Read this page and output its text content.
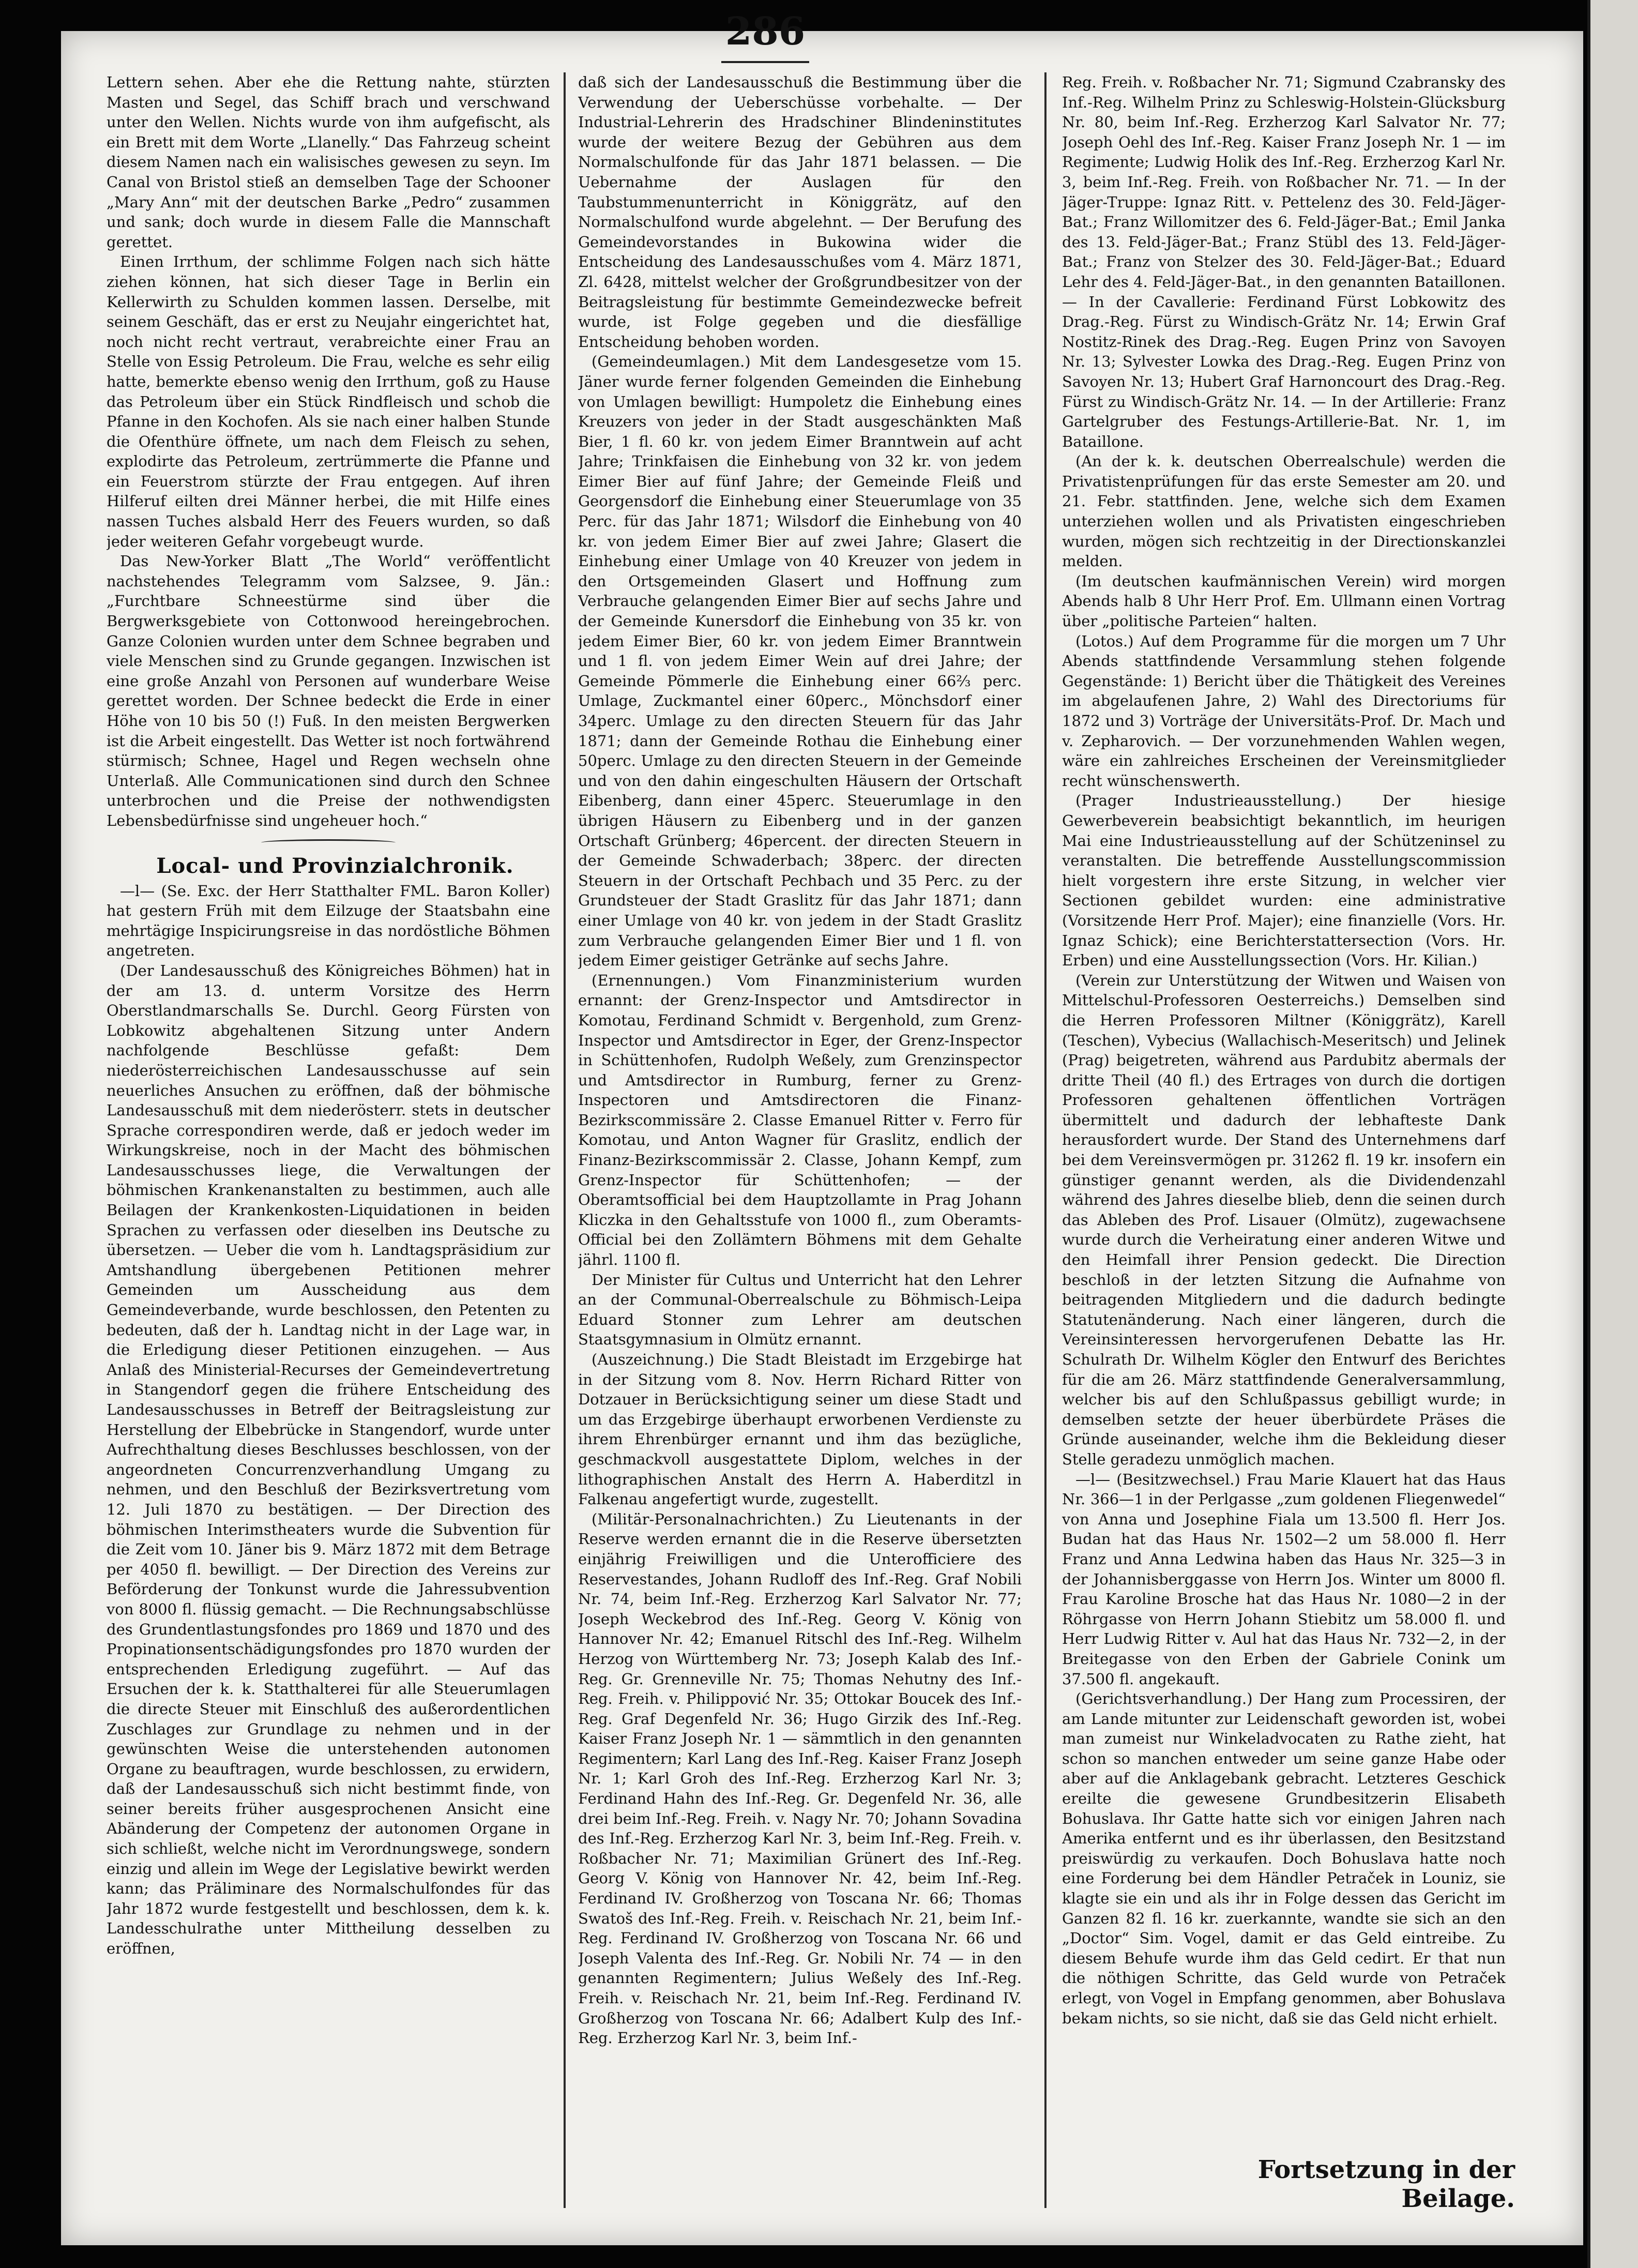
286

Lettern sehen. Aber ehe die Rettung nahte, stürzten Masten und Segel, das Schiff brach und verschwand unter den Wellen. Nichts wurde von ihm aufgefischt, als ein Brett mit dem Worte „Llanelly.“ Das Fahrzeug scheint diesem Namen nach ein walisisches gewesen zu seyn. Im Canal von Bristol stieß an demselben Tage der Schooner „Mary Ann“ mit der deutschen Barke „Pedro“ zusammen und sank; doch wurde in diesem Falle die Mannschaft gerettet.

Einen Irrthum, der schlimme Folgen nach sich hätte ziehen können, hat sich dieser Tage in Berlin ein Kellerwirth zu Schulden kommen lassen. Derselbe, mit seinem Geschäft, das er erst zu Neujahr eingerichtet hat, noch nicht recht vertraut, verabreichte einer Frau an Stelle von Essig Petroleum. Die Frau, welche es sehr eilig hatte, bemerkte ebenso wenig den Irrthum, goß zu Hause das Petroleum über ein Stück Rindfleisch und schob die Pfanne in den Kochofen. Als sie nach einer halben Stunde die Ofenthüre öffnete, um nach dem Fleisch zu sehen, explodirte das Petroleum, zertrümmerte die Pfanne und ein Feuerstrom stürzte der Frau entgegen. Auf ihren Hilferuf eilten drei Männer herbei, die mit Hilfe eines nassen Tuches alsbald Herr des Feuers wurden, so daß jeder weiteren Gefahr vorgebeugt wurde.

Das New-Yorker Blatt „The World“ veröffentlicht nachstehendes Telegramm vom Salzsee, 9. Jän.: „Furchtbare Schneestürme sind über die Bergwerksgebiete von Cottonwood hereingebrochen. Ganze Colonien wurden unter dem Schnee begraben und viele Menschen sind zu Grunde gegangen. Inzwischen ist eine große Anzahl von Personen auf wunderbare Weise gerettet worden. Der Schnee bedeckt die Erde in einer Höhe von 10 bis 50 (!) Fuß. In den meisten Bergwerken ist die Arbeit eingestellt. Das Wetter ist noch fortwährend stürmisch; Schnee, Hagel und Regen wechseln ohne Unterlaß. Alle Communicationen sind durch den Schnee unterbrochen und die Preise der nothwendigsten Lebensbedürfnisse sind ungeheuer hoch.“

Local- und Provinzialchronik.

—l— (Se. Exc. der Herr Statthalter FML. Baron Koller) hat gestern Früh mit dem Eilzuge der Staatsbahn eine mehrtägige Inspicirungsreise in das nordöstliche Böhmen angetreten.

(Der Landesausschuß des Königreiches Böhmen) hat in der am 13. d. unterm Vorsitze des Herrn Oberstlandmarschalls Se. Durchl. Georg Fürsten von Lobkowitz abgehaltenen Sitzung unter Andern nachfolgende Beschlüsse gefaßt: Dem niederösterreichischen Landesausschusse auf sein neuerliches Ansuchen zu eröffnen, daß der böhmische Landesausschuß mit dem niederösterr. stets in deutscher Sprache correspondiren werde, daß er jedoch weder im Wirkungskreise, noch in der Macht des böhmischen Landesausschusses liege, die Verwaltungen der böhmischen Krankenanstalten zu bestimmen, auch alle Beilagen der Krankenkosten-Liquidationen in beiden Sprachen zu verfassen oder dieselben ins Deutsche zu übersetzen. — Ueber die vom h. Landtagspräsidium zur Amtshandlung übergebenen Petitionen mehrer Gemeinden um Ausscheidung aus dem Gemeindeverbande, wurde beschlossen, den Petenten zu bedeuten, daß der h. Landtag nicht in der Lage war, in die Erledigung dieser Petitionen einzugehen. — Aus Anlaß des Ministerial-Recurses der Gemeindevertretung in Stangendorf gegen die frühere Entscheidung des Landesausschusses in Betreff der Beitragsleistung zur Herstellung der Elbebrücke in Stangendorf, wurde unter Aufrechthaltung dieses Beschlusses beschlossen, von der angeordneten Concurrenzverhandlung Umgang zu nehmen, und den Beschluß der Bezirksvertretung vom 12. Juli 1870 zu bestätigen. — Der Direction des böhmischen Interimstheaters wurde die Subvention für die Zeit vom 10. Jäner bis 9. März 1872 mit dem Betrage per 4050 fl. bewilligt. — Der Direction des Vereins zur Beförderung der Tonkunst wurde die Jahressubvention von 8000 fl. flüssig gemacht. — Die Rechnungsabschlüsse des Grundentlastungsfondes pro 1869 und 1870 und des Propinationsentschädigungsfondes pro 1870 wurden der entsprechenden Erledigung zugeführt. — Auf das Ersuchen der k. k. Statthalterei für alle Steuerumlagen die directe Steuer mit Einschluß des außerordentlichen Zuschlages zur Grundlage zu nehmen und in der gewünschten Weise die unterstehenden autonomen Organe zu beauftragen, wurde beschlossen, zu erwidern, daß der Landesausschuß sich nicht bestimmt finde, von seiner bereits früher ausgesprochenen Ansicht eine Abänderung der Competenz der autonomen Organe in sich schließt, welche nicht im Verordnungswege, sondern einzig und allein im Wege der Legislative bewirkt werden kann; das Präliminare des Normalschulfondes für das Jahr 1872 wurde festgestellt und beschlossen, dem k. k. Landesschulrathe unter Mittheilung desselben zu eröffnen,

daß sich der Landesausschuß die Bestimmung über die Verwendung der Ueberschüsse vorbehalte. — Der Industrial-Lehrerin des Hradschiner Blindeninstitutes wurde der weitere Bezug der Gebühren aus dem Normalschulfonde für das Jahr 1871 belassen. — Die Uebernahme der Auslagen für den Taubstummenunterricht in Königgrätz, auf den Normalschulfond wurde abgelehnt. — Der Berufung des Gemeindevorstandes in Bukowina wider die Entscheidung des Landesausschußes vom 4. März 1871, Zl. 6428, mittelst welcher der Großgrundbesitzer von der Beitragsleistung für bestimmte Gemeindezwecke befreit wurde, ist Folge gegeben und die diesfällige Entscheidung behoben worden.

(Gemeindeumlagen.) Mit dem Landesgesetze vom 15. Jäner wurde ferner folgenden Gemeinden die Einhebung von Umlagen bewilligt: Humpoletz die Einhebung eines Kreuzers von jeder in der Stadt ausgeschänkten Maß Bier, 1 fl. 60 kr. von jedem Eimer Branntwein auf acht Jahre; Trinkfaisen die Einhebung von 32 kr. von jedem Eimer Bier auf fünf Jahre; der Gemeinde Fleiß und Georgensdorf die Einhebung einer Steuerumlage von 35 Perc. für das Jahr 1871; Wilsdorf die Einhebung von 40 kr. von jedem Eimer Bier auf zwei Jahre; Glasert die Einhebung einer Umlage von 40 Kreuzer von jedem in den Ortsgemeinden Glasert und Hoffnung zum Verbrauche gelangenden Eimer Bier auf sechs Jahre und der Gemeinde Kunersdorf die Einhebung von 35 kr. von jedem Eimer Bier, 60 kr. von jedem Eimer Branntwein und 1 fl. von jedem Eimer Wein auf drei Jahre; der Gemeinde Pömmerle die Einhebung einer 66⅔ perc. Umlage, Zuckmantel einer 60perc., Mönchsdorf einer 34perc. Umlage zu den directen Steuern für das Jahr 1871; dann der Gemeinde Rothau die Einhebung einer 50perc. Umlage zu den directen Steuern in der Gemeinde und von den dahin eingeschulten Häusern der Ortschaft Eibenberg, dann einer 45perc. Steuerumlage in den übrigen Häusern zu Eibenberg und in der ganzen Ortschaft Grünberg; 46percent. der directen Steuern in der Gemeinde Schwaderbach; 38perc. der directen Steuern in der Ortschaft Pechbach und 35 Perc. zu der Grundsteuer der Stadt Graslitz für das Jahr 1871; dann einer Umlage von 40 kr. von jedem in der Stadt Graslitz zum Verbrauche gelangenden Eimer Bier und 1 fl. von jedem Eimer geistiger Getränke auf sechs Jahre.

(Ernennungen.) Vom Finanzministerium wurden ernannt: der Grenz-Inspector und Amtsdirector in Komotau, Ferdinand Schmidt v. Bergenhold, zum Grenz-Inspector und Amtsdirector in Eger, der Grenz-Inspector in Schüttenhofen, Rudolph Weßely, zum Grenzinspector und Amtsdirector in Rumburg, ferner zu Grenz-Inspectoren und Amtsdirectoren die Finanz-Bezirkscommissäre 2. Classe Emanuel Ritter v. Ferro für Komotau, und Anton Wagner für Graslitz, endlich der Finanz-Bezirkscommissär 2. Classe, Johann Kempf, zum Grenz-Inspector für Schüttenhofen; — der Oberamtsofficial bei dem Hauptzollamte in Prag Johann Kliczka in den Gehaltsstufe von 1000 fl., zum Oberamts-Official bei den Zollämtern Böhmens mit dem Gehalte jährl. 1100 fl.

Der Minister für Cultus und Unterricht hat den Lehrer an der Communal-Oberrealschule zu Böhmisch-Leipa Eduard Stonner zum Lehrer am deutschen Staatsgymnasium in Olmütz ernannt.

(Auszeichnung.) Die Stadt Bleistadt im Erzgebirge hat in der Sitzung vom 8. Nov. Herrn Richard Ritter von Dotzauer in Berücksichtigung seiner um diese Stadt und um das Erzgebirge überhaupt erworbenen Verdienste zu ihrem Ehrenbürger ernannt und ihm das bezügliche, geschmackvoll ausgestattete Diplom, welches in der lithographischen Anstalt des Herrn A. Haberditzl in Falkenau angefertigt wurde, zugestellt.

(Militär-Personalnachrichten.) Zu Lieutenants in der Reserve werden ernannt die in die Reserve übersetzten einjährig Freiwilligen und die Unterofficiere des Reservestandes, Johann Rudloff des Inf.-Reg. Graf Nobili Nr. 74, beim Inf.-Reg. Erzherzog Karl Salvator Nr. 77; Joseph Weckebrod des Inf.-Reg. Georg V. König von Hannover Nr. 42; Emanuel Ritschl des Inf.-Reg. Wilhelm Herzog von Württemberg Nr. 73; Joseph Kalab des Inf.-Reg. Gr. Grenneville Nr. 75; Thomas Nehutny des Inf.-Reg. Freih. v. Philippović Nr. 35; Ottokar Boucek des Inf.-Reg. Graf Degenfeld Nr. 36; Hugo Girzik des Inf.-Reg. Kaiser Franz Joseph Nr. 1 — sämmtlich in den genannten Regimentern; Karl Lang des Inf.-Reg. Kaiser Franz Joseph Nr. 1; Karl Groh des Inf.-Reg. Erzherzog Karl Nr. 3; Ferdinand Hahn des Inf.-Reg. Gr. Degenfeld Nr. 36, alle drei beim Inf.-Reg. Freih. v. Nagy Nr. 70; Johann Sovadina des Inf.-Reg. Erzherzog Karl Nr. 3, beim Inf.-Reg. Freih. v. Roßbacher Nr. 71; Maximilian Grünert des Inf.-Reg. Georg V. König von Hannover Nr. 42, beim Inf.-Reg. Ferdinand IV. Großherzog von Toscana Nr. 66; Thomas Swatoš des Inf.-Reg. Freih. v. Reischach Nr. 21, beim Inf.-Reg. Ferdinand IV. Großherzog von Toscana Nr. 66 und Joseph Valenta des Inf.-Reg. Gr. Nobili Nr. 74 — in den genannten Regimentern; Julius Weßely des Inf.-Reg. Freih. v. Reischach Nr. 21, beim Inf.-Reg. Ferdinand IV. Großherzog von Toscana Nr. 66; Adalbert Kulp des Inf.-Reg. Erzherzog Karl Nr. 3, beim Inf.-

Reg. Freih. v. Roßbacher Nr. 71; Sigmund Czabransky des Inf.-Reg. Wilhelm Prinz zu Schleswig-Holstein-Glücksburg Nr. 80, beim Inf.-Reg. Erzherzog Karl Salvator Nr. 77; Joseph Oehl des Inf.-Reg. Kaiser Franz Joseph Nr. 1 — im Regimente; Ludwig Holik des Inf.-Reg. Erzherzog Karl Nr. 3, beim Inf.-Reg. Freih. von Roßbacher Nr. 71. — In der Jäger-Truppe: Ignaz Ritt. v. Pettelenz des 30. Feld-Jäger-Bat.; Franz Willomitzer des 6. Feld-Jäger-Bat.; Emil Janka des 13. Feld-Jäger-Bat.; Franz Stübl des 13. Feld-Jäger-Bat.; Franz von Stelzer des 30. Feld-Jäger-Bat.; Eduard Lehr des 4. Feld-Jäger-Bat., in den genannten Bataillonen. — In der Cavallerie: Ferdinand Fürst Lobkowitz des Drag.-Reg. Fürst zu Windisch-Grätz Nr. 14; Erwin Graf Nostitz-Rinek des Drag.-Reg. Eugen Prinz von Savoyen Nr. 13; Sylvester Lowka des Drag.-Reg. Eugen Prinz von Savoyen Nr. 13; Hubert Graf Harnoncourt des Drag.-Reg. Fürst zu Windisch-Grätz Nr. 14. — In der Artillerie: Franz Gartelgruber des Festungs-Artillerie-Bat. Nr. 1, im Bataillone.

(An der k. k. deutschen Oberrealschule) werden die Privatistenprüfungen für das erste Semester am 20. und 21. Febr. stattfinden. Jene, welche sich dem Examen unterziehen wollen und als Privatisten eingeschrieben wurden, mögen sich rechtzeitig in der Directionskanzlei melden.

(Im deutschen kaufmännischen Verein) wird morgen Abends halb 8 Uhr Herr Prof. Em. Ullmann einen Vortrag über „politische Parteien“ halten.

(Lotos.) Auf dem Programme für die morgen um 7 Uhr Abends stattfindende Versammlung stehen folgende Gegenstände: 1) Bericht über die Thätigkeit des Vereines im abgelaufenen Jahre, 2) Wahl des Directoriums für 1872 und 3) Vorträge der Universitäts-Prof. Dr. Mach und v. Zepharovich. — Der vorzunehmenden Wahlen wegen, wäre ein zahlreiches Erscheinen der Vereinsmitglieder recht wünschenswerth.

(Prager Industrieausstellung.) Der hiesige Gewerbeverein beabsichtigt bekanntlich, im heurigen Mai eine Industrieausstellung auf der Schützeninsel zu veranstalten. Die betreffende Ausstellungscommission hielt vorgestern ihre erste Sitzung, in welcher vier Sectionen gebildet wurden: eine administrative (Vorsitzende Herr Prof. Majer); eine finanzielle (Vors. Hr. Ignaz Schick); eine Berichterstattersection (Vors. Hr. Erben) und eine Ausstellungssection (Vors. Hr. Kilian.)

(Verein zur Unterstützung der Witwen und Waisen von Mittelschul-Professoren Oesterreichs.) Demselben sind die Herren Professoren Miltner (Königgrätz), Karell (Teschen), Vybecius (Wallachisch-Meseritsch) und Jelinek (Prag) beigetreten, während aus Pardubitz abermals der dritte Theil (40 fl.) des Ertrages von durch die dortigen Professoren gehaltenen öffentlichen Vorträgen übermittelt und dadurch der lebhafteste Dank herausfordert wurde. Der Stand des Unternehmens darf bei dem Vereinsvermögen pr. 31262 fl. 19 kr. insofern ein günstiger genannt werden, als die Dividendenzahl während des Jahres dieselbe blieb, denn die seinen durch das Ableben des Prof. Lisauer (Olmütz), zugewachsene wurde durch die Verheiratung einer anderen Witwe und den Heimfall ihrer Pension gedeckt. Die Direction beschloß in der letzten Sitzung die Aufnahme von beitragenden Mitgliedern und die dadurch bedingte Statutenänderung. Nach einer längeren, durch die Vereinsinteressen hervorgerufenen Debatte las Hr. Schulrath Dr. Wilhelm Kögler den Entwurf des Berichtes für die am 26. März stattfindende Generalversammlung, welcher bis auf den Schlußpassus gebilligt wurde; in demselben setzte der heuer überbürdete Präses die Gründe auseinander, welche ihm die Bekleidung dieser Stelle geradezu unmöglich machen.

—l— (Besitzwechsel.) Frau Marie Klauert hat das Haus Nr. 366—1 in der Perlgasse „zum goldenen Fliegenwedel“ von Anna und Josephine Fiala um 13.500 fl. Herr Jos. Budan hat das Haus Nr. 1502—2 um 58.000 fl. Herr Franz und Anna Ledwina haben das Haus Nr. 325—3 in der Johannisberggasse von Herrn Jos. Winter um 8000 fl. Frau Karoline Brosche hat das Haus Nr. 1080—2 in der Röhrgasse von Herrn Johann Stiebitz um 58.000 fl. und Herr Ludwig Ritter v. Aul hat das Haus Nr. 732—2, in der Breitegasse von den Erben der Gabriele Conink um 37.500 fl. angekauft.

(Gerichtsverhandlung.) Der Hang zum Processiren, der am Lande mitunter zur Leidenschaft geworden ist, wobei man zumeist nur Winkeladvocaten zu Rathe zieht, hat schon so manchen entweder um seine ganze Habe oder aber auf die Anklagebank gebracht. Letzteres Geschick ereilte die gewesene Grundbesitzerin Elisabeth Bohuslava. Ihr Gatte hatte sich vor einigen Jahren nach Amerika entfernt und es ihr überlassen, den Besitzstand preiswürdig zu verkaufen. Doch Bohuslava hatte noch eine Forderung bei dem Händler Petraček in Louniz, sie klagte sie ein und als ihr in Folge dessen das Gericht im Ganzen 82 fl. 16 kr. zuerkannte, wandte sie sich an den „Doctor“ Sim. Vogel, damit er das Geld eintreibe. Zu diesem Behufe wurde ihm das Geld cedirt. Er that nun die nöthigen Schritte, das Geld wurde von Petraček erlegt, von Vogel in Empfang genommen, aber Bohuslava bekam nichts, so sie nicht, daß sie das Geld nicht erhielt.

Fortsetzung in der Beilage.
